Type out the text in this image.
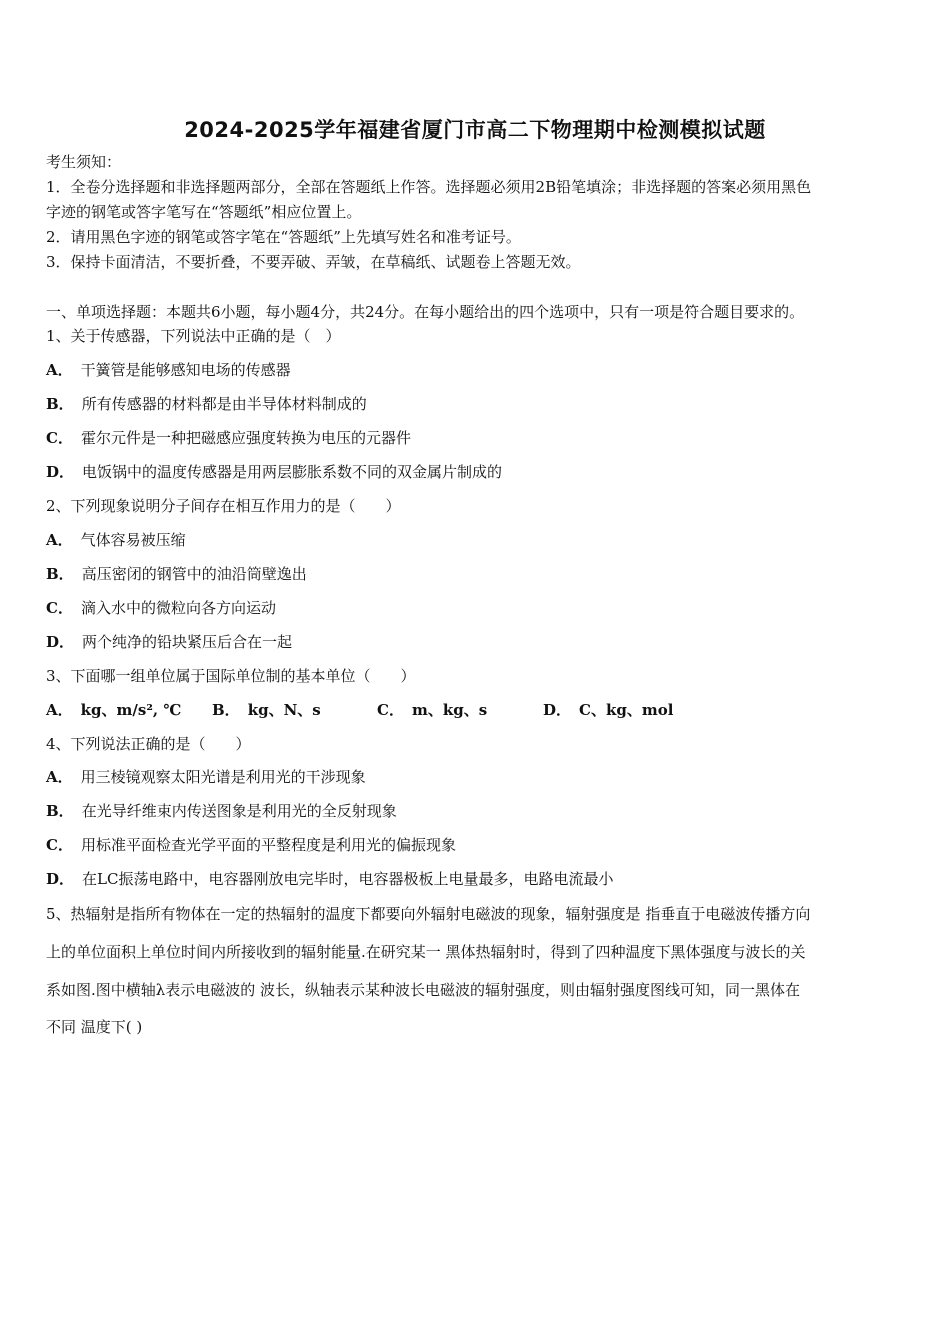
2024-2025学年福建省厦门市高二下物理期中检测模拟试题
考生须知：
1．全卷分选择题和非选择题两部分，全部在答题纸上作答。选择题必须用2B铅笔填涂；非选择题的答案必须用黑色
字迹的钢笔或答字笔写在“答题纸”相应位置上。
2．请用黑色字迹的钢笔或答字笔在“答题纸”上先填写姓名和准考证号。
3．保持卡面清洁，不要折叠，不要弄破、弄皱，在草稿纸、试题卷上答题无效。
一、单项选择题：本题共6小题，每小题4分，共24分。在每小题给出的四个选项中，只有一项是符合题目要求的。
1、关于传感器，下列说法中正确的是（　）
A． 干簧管是能够感知电场的传感器
B． 所有传感器的材料都是由半导体材料制成的
C． 霍尔元件是一种把磁感应强度转换为电压的元器件
D． 电饭锅中的温度传感器是用两层膨胀系数不同的双金属片制成的
2、下列现象说明分子间存在相互作用力的是（　　）
A． 气体容易被压缩
B． 高压密闭的钢管中的油沿筒壁逸出
C． 滴入水中的微粒向各方向运动
D． 两个纯净的铅块紧压后合在一起
3、下面哪一组单位属于国际单位制的基本单位（　　）
A． kg、m/s², ℃ B． kg、N、s	C． m、kg、s	D． C、kg、mol
4、下列说法正确的是（　　）
A． 用三棱镜观察太阳光谱是利用光的干涉现象
B． 在光导纤维束内传送图象是利用光的全反射现象
C． 用标准平面检查光学平面的平整程度是利用光的偏振现象
D． 在LC振荡电路中，电容器刚放电完毕时，电容器极板上电量最多，电路电流最小
5、热辐射是指所有物体在一定的热辐射的温度下都要向外辐射电磁波的现象，辐射强度是 指垂直于电磁波传播方向
上的单位面积上单位时间内所接收到的辐射能量.在研究某一 黑体热辐射时，得到了四种温度下黑体强度与波长的关
系如图.图中横轴λ表示电磁波的 波长，纵轴表示某种波长电磁波的辐射强度，则由辐射强度图线可知，同一黑体在
不同 温度下( )
